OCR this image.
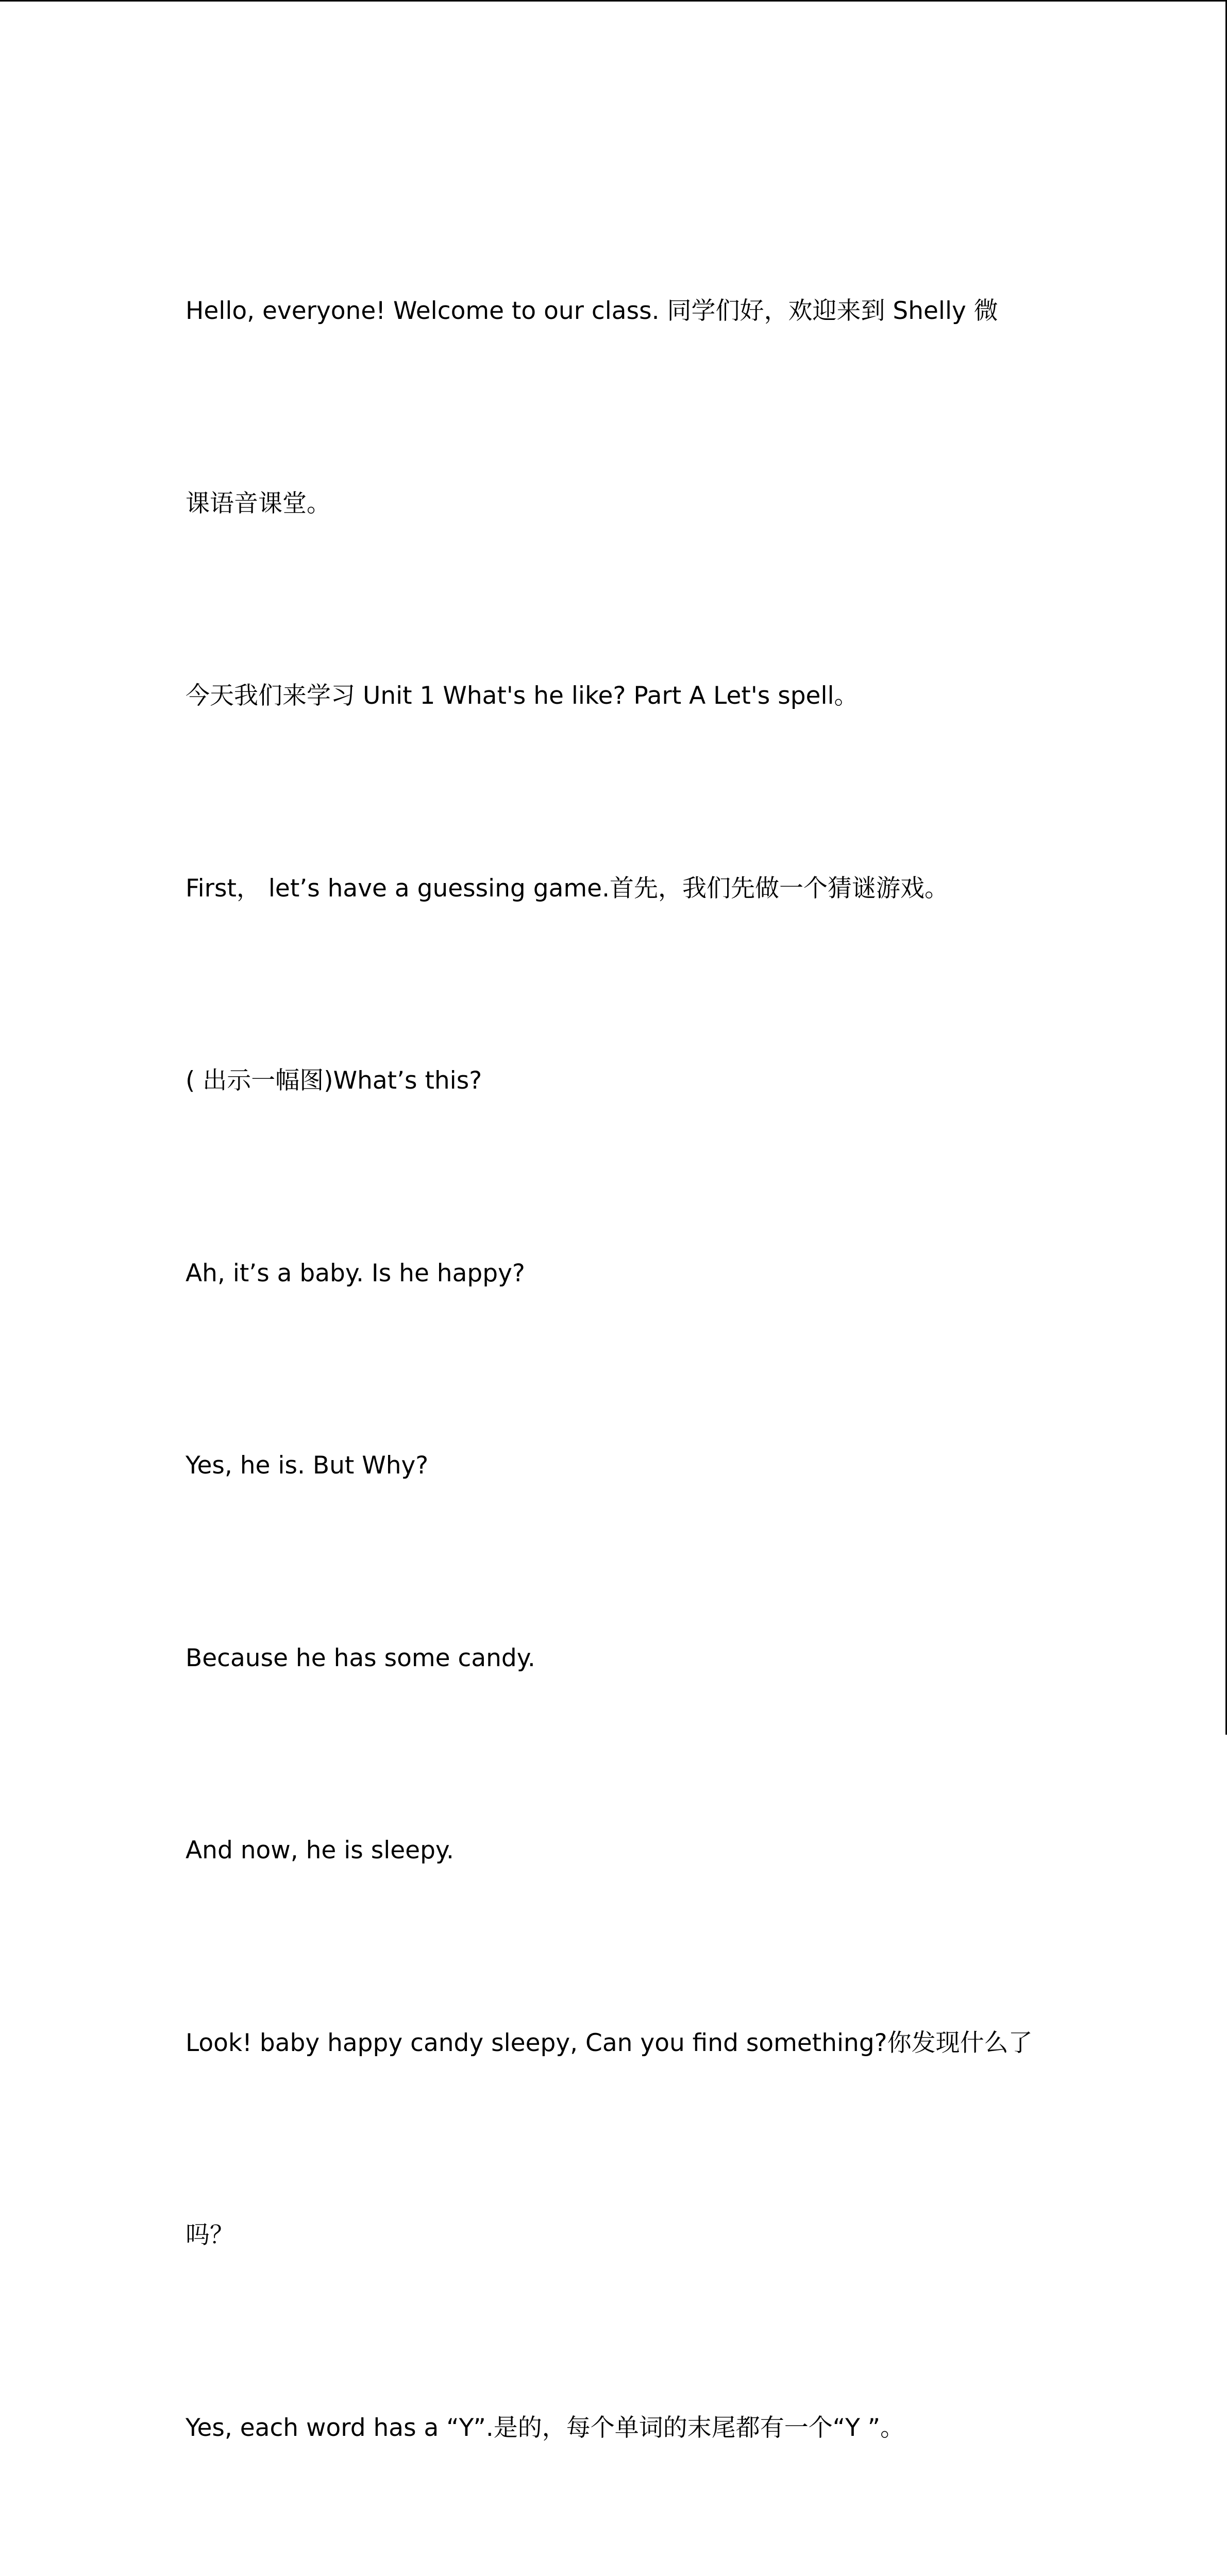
Hello, everyone! Welcome to our class. 同学们好，欢迎来到 Shelly 微

课语音课堂。

今天我们来学习 Unit 1 What's he like? Part A Let's spell。

First， let’s have a guessing game.首先，我们先做一个猜谜游戏。

( 出示一幅图)What’s this?

Ah, it’s a baby. Is he happy?

Yes, he is. But Why?

Because he has some candy.

And now, he is sleepy.

Look! baby happy candy sleepy, Can you find something?你发现什么了

吗？

Yes, each word has a “Y”.是的，每个单词的末尾都有一个“Y ”。
